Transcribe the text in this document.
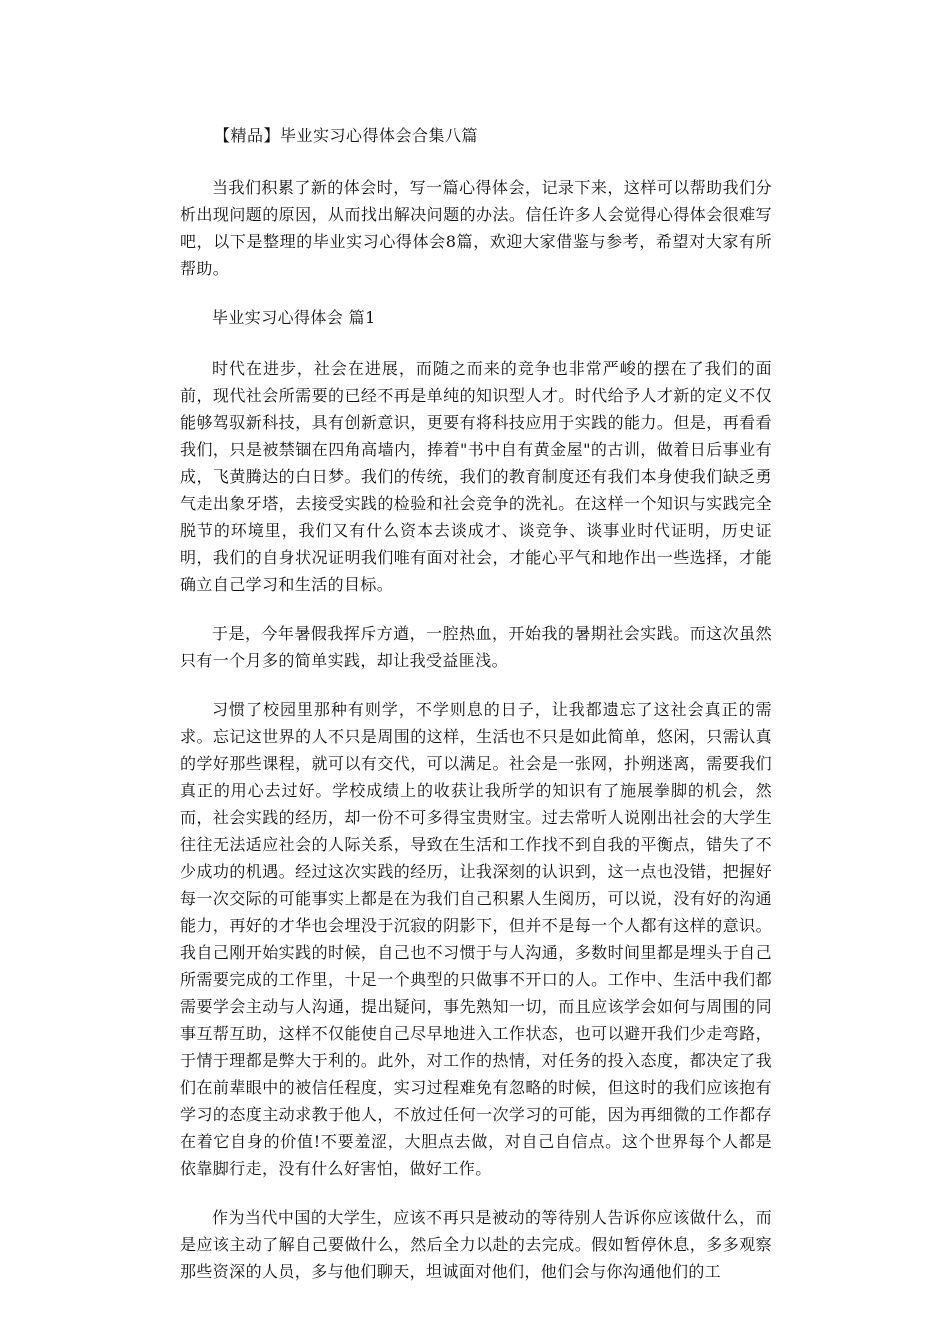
【精品】毕业实习心得体会合集八篇

当我们积累了新的体会时，写一篇心得体会，记录下来，这样可以帮助我们分析出现问题的原因，从而找出解决问题的办法。信任许多人会觉得心得体会很难写吧，以下是整理的毕业实习心得体会8篇，欢迎大家借鉴与参考，希望对大家有所帮助。

毕业实习心得体会 篇1

时代在进步，社会在进展，而随之而来的竞争也非常严峻的摆在了我们的面前，现代社会所需要的已经不再是单纯的知识型人才。时代给予人才新的定义不仅能够驾驭新科技，具有创新意识，更要有将科技应用于实践的能力。但是，再看看我们，只是被禁锢在四角高墙内，捧着"书中自有黄金屋"的古训，做着日后事业有成，飞黄腾达的白日梦。我们的传统，我们的教育制度还有我们本身使我们缺乏勇气走出象牙塔，去接受实践的检验和社会竞争的洗礼。在这样一个知识与实践完全脱节的环境里，我们又有什么资本去谈成才、谈竞争、谈事业时代证明，历史证明，我们的自身状况证明我们唯有面对社会，才能心平气和地作出一些选择，才能确立自己学习和生活的目标。

于是，今年暑假我挥斥方遒，一腔热血，开始我的暑期社会实践。而这次虽然只有一个月多的简单实践，却让我受益匪浅。

习惯了校园里那种有则学，不学则息的日子，让我都遗忘了这社会真正的需求。忘记这世界的人不只是周围的这样，生活也不只是如此简单，悠闲，只需认真的学好那些课程，就可以有交代，可以满足。社会是一张网，扑朔迷离，需要我们真正的用心去过好。学校成绩上的收获让我所学的知识有了施展拳脚的机会，然而，社会实践的经历，却一份不可多得宝贵财宝。过去常听人说刚出社会的大学生往往无法适应社会的人际关系，导致在生活和工作找不到自我的平衡点，错失了不少成功的机遇。经过这次实践的经历，让我深刻的认识到，这一点也没错，把握好每一次交际的可能事实上都是在为我们自己积累人生阅历，可以说，没有好的沟通能力，再好的才华也会埋没于沉寂的阴影下，但并不是每一个人都有这样的意识。我自己刚开始实践的时候，自己也不习惯于与人沟通，多数时间里都是埋头于自己所需要完成的工作里，十足一个典型的只做事不开口的人。工作中、生活中我们都需要学会主动与人沟通，提出疑问，事先熟知一切，而且应该学会如何与周围的同事互帮互助，这样不仅能使自己尽早地进入工作状态，也可以避开我们少走弯路，于情于理都是弊大于利的。此外，对工作的热情，对任务的投入态度，都决定了我们在前辈眼中的被信任程度，实习过程难免有忽略的时候，但这时的我们应该抱有学习的态度主动求教于他人，不放过任何一次学习的可能，因为再细微的工作都存在着它自身的价值!不要羞涩，大胆点去做，对自己自信点。这个世界每个人都是依靠脚行走，没有什么好害怕，做好工作。

作为当代中国的大学生，应该不再只是被动的等待别人告诉你应该做什么，而是应该主动了解自己要做什么，然后全力以赴的去完成。假如暂停休息，多多观察那些资深的人员，多与他们聊天，坦诚面对他们，他们会与你沟通他们的工
